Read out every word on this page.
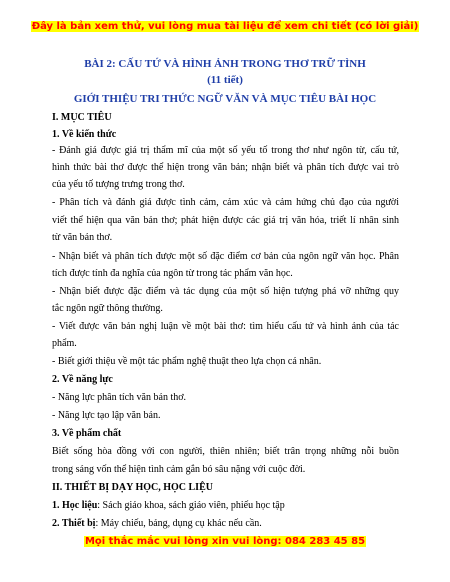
Đây là bản xem thử, vui lòng mua tài liệu để xem chi tiết (có lời giải)
BÀI 2: CẤU TỨ VÀ HÌNH ẢNH TRONG THƠ TRỮ TÌNH
(11 tiết)
GIỚI THIỆU TRI THỨC NGỮ VĂN VÀ MỤC TIÊU BÀI HỌC
I. MỤC TIÊU
1. Về kiến thức
- Đánh giá được giá trị thẩm mĩ của một số yếu tố trong thơ như ngôn từ, cấu tứ,
hình thức bài thơ được thể hiện trong văn bản; nhận biết và phân tích được vai trò
của yếu tố tượng trưng trong thơ.
- Phân tích và đánh giá được tình cảm, cảm xúc và cảm hứng chủ đạo của người
viết thể hiện qua văn bản thơ; phát hiện được các giá trị văn hóa, triết lí nhân sinh
từ văn bản thơ.
- Nhận biết và phân tích được một số đặc điểm cơ bản của ngôn ngữ văn học. Phân
tích được tính đa nghĩa của ngôn từ trong tác phẩm văn học.
- Nhận biết được đặc điểm và tác dụng của một số hiện tượng phá vỡ những quy
tắc ngôn ngữ thông thường.
- Viết được văn bản nghị luận về một bài thơ: tìm hiểu cấu tứ và hình ảnh của tác
phẩm.
- Biết giới thiệu về một tác phẩm nghệ thuật theo lựa chọn cá nhân.
2. Về năng lực
- Năng lực phân tích văn bản thơ.
- Năng lực tạo lập văn bản.
3. Về phẩm chất
Biết sống hòa đồng với con người, thiên nhiên; biết trân trọng những nỗi buồn
trong sáng vốn thể hiện tình cảm gắn bó sâu nặng với cuộc đời.
II. THIẾT BỊ DẠY HỌC, HỌC LIỆU
1. Học liệu: Sách giáo khoa, sách giáo viên, phiếu học tập
2. Thiết bị: Máy chiếu, bảng, dụng cụ khác nếu cần.
Mọi thắc mắc vui lòng xin vui lòng: 084 283 45 85
